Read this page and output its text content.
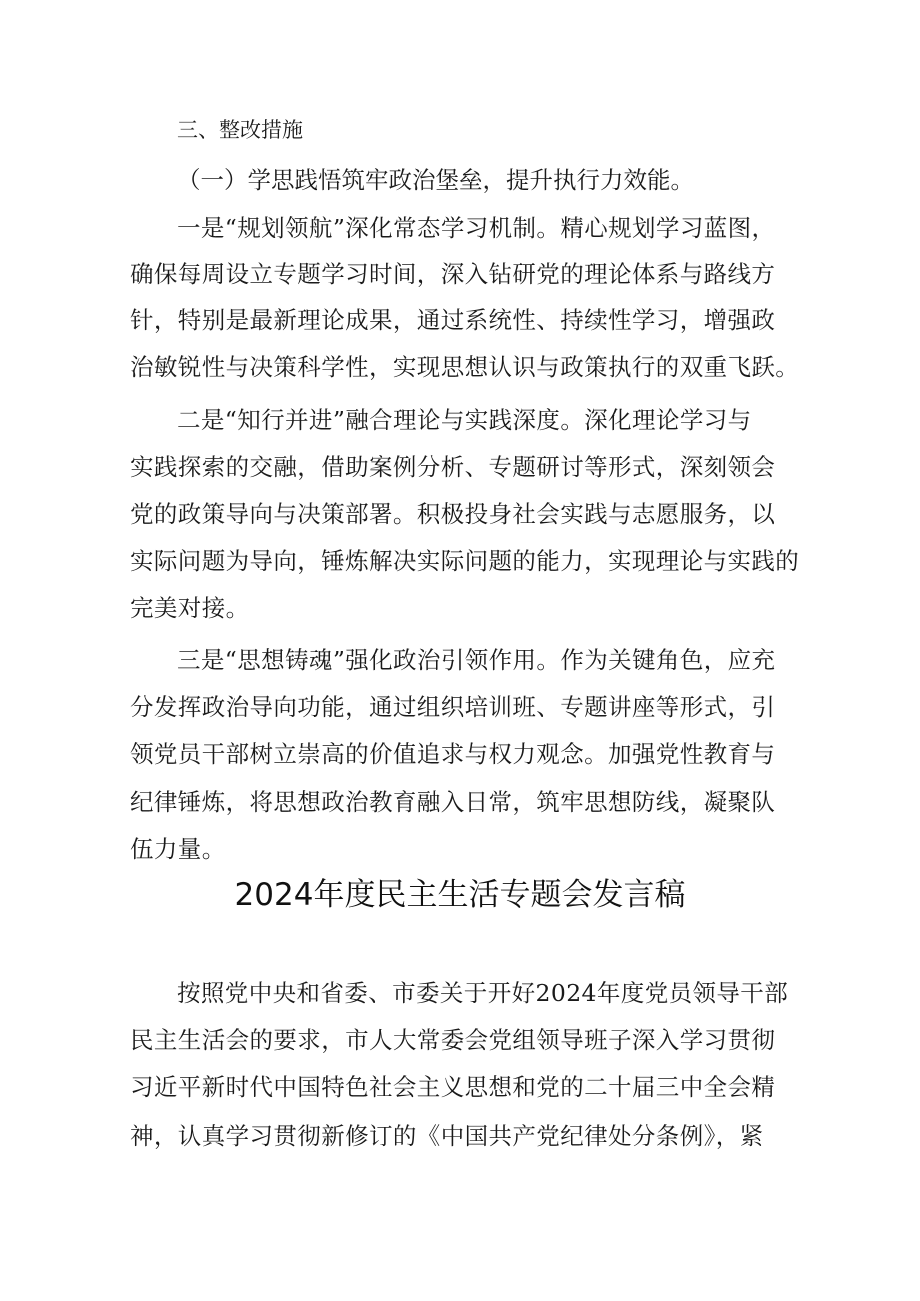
三、整改措施
（一）学思践悟筑牢政治堡垒，提升执行力效能。
一是“规划领航”深化常态学习机制。精心规划学习蓝图，
确保每周设立专题学习时间，深入钻研党的理论体系与路线方
针，特别是最新理论成果，通过系统性、持续性学习，增强政
治敏锐性与决策科学性，实现思想认识与政策执行的双重飞跃。
二是“知行并进”融合理论与实践深度。深化理论学习与
实践探索的交融，借助案例分析、专题研讨等形式，深刻领会
党的政策导向与决策部署。积极投身社会实践与志愿服务，以
实际问题为导向，锤炼解决实际问题的能力，实现理论与实践的
完美对接。
三是“思想铸魂”强化政治引领作用。作为关键角色，应充
分发挥政治导向功能，通过组织培训班、专题讲座等形式，引
领党员干部树立崇高的价值追求与权力观念。加强党性教育与
纪律锤炼，将思想政治教育融入日常，筑牢思想防线，凝聚队
伍力量。
2024年度民主生活专题会发言稿
按照党中央和省委、市委关于开好2024年度党员领导干部
民主生活会的要求，市人大常委会党组领导班子深入学习贯彻
习近平新时代中国特色社会主义思想和党的二十届三中全会精
神，认真学习贯彻新修订的《中国共产党纪律处分条例》，紧
